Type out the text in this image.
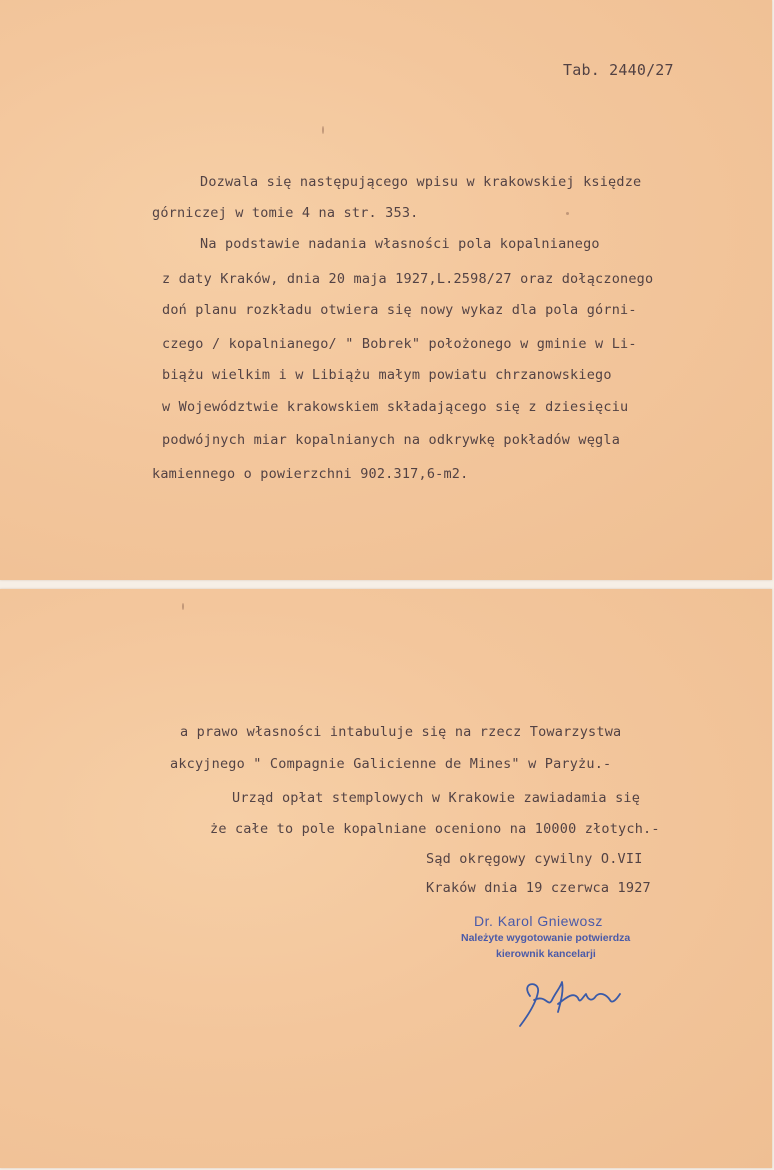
Tab. 2440/27
Dozwala się następującego wpisu w krakowskiej księdze
górniczej w tomie 4 na str. 353.
Na podstawie nadania własności pola kopalnianego
z daty Kraków, dnia 20 maja 1927,L.2598/27 oraz dołączonego
doń planu rozkładu otwiera się nowy wykaz dla pola górni-
czego / kopalnianego/ " Bobrek" położonego w gminie w Li-
biążu wielkim i w Libiążu małym powiatu chrzanowskiego
w Województwie krakowskiem składającego się z dziesięciu
podwójnych miar kopalnianych na odkrywkę pokładów węgla
kamiennego o powierzchni 902.317,6-m2.
a prawo własności intabuluje się na rzecz Towarzystwa
akcyjnego " Compagnie Galicienne de Mines" w Paryżu.-
Urząd opłat stemplowych w Krakowie zawiadamia się
że całe to pole kopalniane oceniono na 10000 złotych.-
Sąd okręgowy cywilny O.VII
Kraków dnia 19 czerwca 1927
Dr. Karol Gniewosz
Należyte wygotowanie potwierdza
kierownik kancelarji
